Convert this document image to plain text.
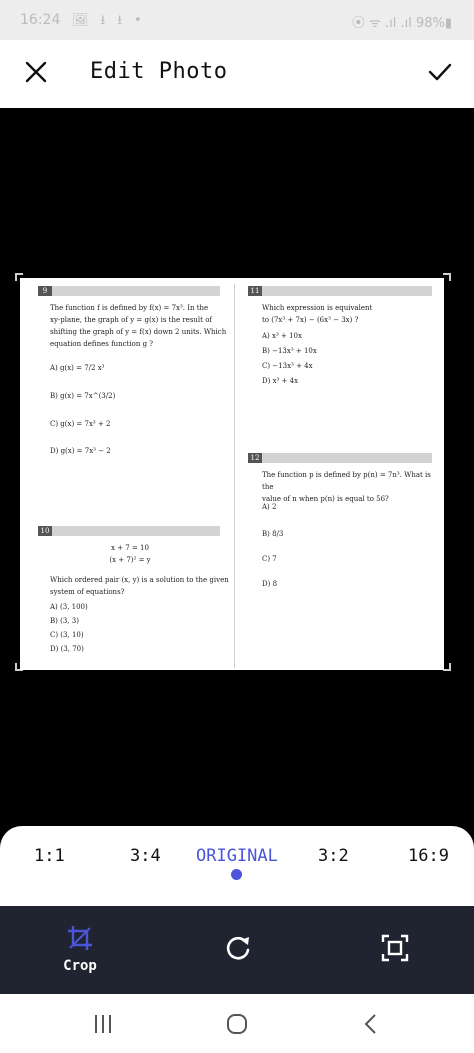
16:24 🖼 ⭳ ⭳ •	⦿ ᯤ .ıl .ıl 98%▮
Edit Photo
9
The function f is defined by f(x) = 7x³. In the
xy-plane, the graph of y = g(x) is the result of
shifting the graph of y = f(x) down 2 units. Which
equation defines function g ?
A) g(x) = 7/2 x³
B) g(x) = 7x^(3/2)
C) g(x) = 7x³ + 2
D) g(x) = 7x³ − 2
10
x + 7 = 10
(x + 7)² = y
Which ordered pair (x, y) is a solution to the given
system of equations?
A) (3, 100)
B) (3, 3)
C) (3, 10)
D) (3, 70)
11
Which expression is equivalent
to (7x³ + 7x) − (6x³ − 3x) ?
A) x³ + 10x
B) −13x³ + 10x
C) −13x³ + 4x
D) x³ + 4x
12
The function p is defined by p(n) = 7n³. What is the
value of n when p(n) is equal to 56?
A) 2
B) 8/3
C) 7
D) 8
1:1	3:4 ORIGINAL 3:2	16:9
Crop
